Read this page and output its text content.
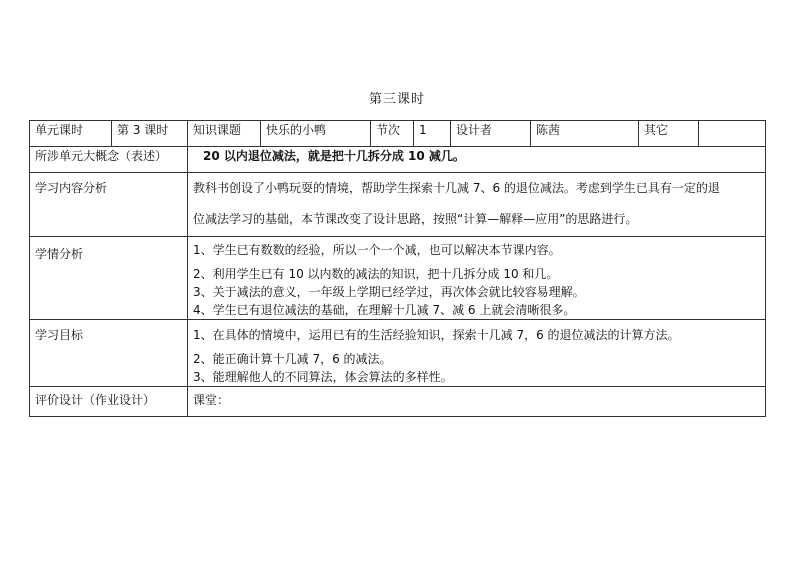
第三课时
单元课时	第 3 课时	知识课题	快乐的小鸭	节次	1	设计者	陈茜	其它	
所涉单元大概念（表述）		20 以内退位减法，就是把十几拆分成 10 减几。							
学习内容分析		教科书创设了小鸭玩耍的情境，帮助学生探索十几减 7、6 的退位减法。考虑到学生已具有一定的退

位减法学习的基础，本节课改变了设计思路，按照“计算—解释—应用”的思路进行。							

学情分析		1、学生已有数数的经验，所以一个一个减，也可以解决本节课内容。

2、利用学生已有 10 以内数的减法的知识，把十几拆分成 10 和几。

3、关于减法的意义，一年级上学期已经学过，再次体会就比较容易理解。

4、学生已有退位减法的基础，在理解十几减 7、减 6 上就会清晰很多。							

学习目标		1、在具体的情境中，运用已有的生活经验知识，探索十几减 7，6 的退位减法的计算方法。

2、能正确计算十几减 7，6 的减法。

3、能理解他人的不同算法，体会算法的多样性。							

评价设计（作业设计）		课堂：							
